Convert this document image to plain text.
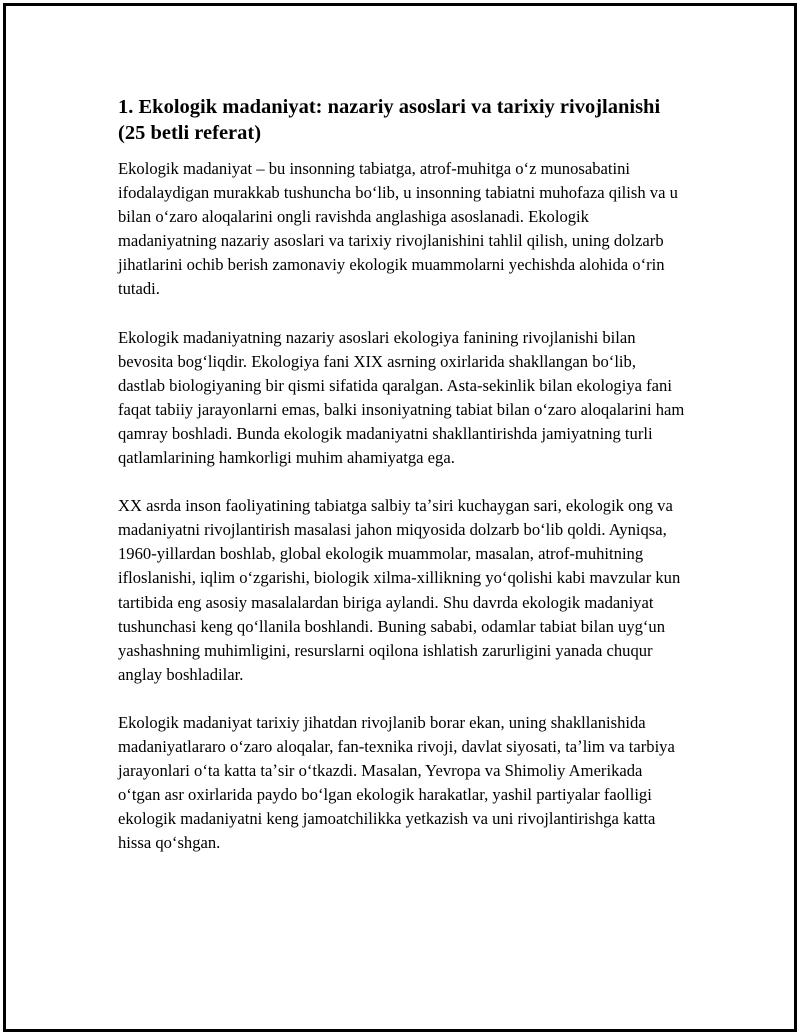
1. Ekologik madaniyat: nazariy asoslari va tarixiy rivojlanishi (25 betli referat)

Ekologik madaniyat – bu insonning tabiatga, atrof-muhitga oʻz munosabatini ifodalaydigan murakkab tushuncha boʻlib, u insonning tabiatni muhofaza qilish va u bilan oʻzaro aloqalarini ongli ravishda anglashiga asoslanadi. Ekologik madaniyatning nazariy asoslari va tarixiy rivojlanishini tahlil qilish, uning dolzarb jihatlarini ochib berish zamonaviy ekologik muammolarni yechishda alohida oʻrin tutadi.

Ekologik madaniyatning nazariy asoslari ekologiya fanining rivojlanishi bilan bevosita bogʻliqdir. Ekologiya fani XIX asrning oxirlarida shakllangan boʻlib, dastlab biologiyaning bir qismi sifatida qaralgan. Asta-sekinlik bilan ekologiya fani faqat tabiiy jarayonlarni emas, balki insoniyatning tabiat bilan oʻzaro aloqalarini ham qamray boshladi. Bunda ekologik madaniyatni shakllantirishda jamiyatning turli qatlamlarining hamkorligi muhim ahamiyatga ega.

XX asrda inson faoliyatining tabiatga salbiy taʼsiri kuchaygan sari, ekologik ong va madaniyatni rivojlantirish masalasi jahon miqyosida dolzarb boʻlib qoldi. Ayniqsa, 1960-yillardan boshlab, global ekologik muammolar, masalan, atrof-muhitning ifloslanishi, iqlim oʻzgarishi, biologik xilma-xillikning yoʻqolishi kabi mavzular kun tartibida eng asosiy masalalardan biriga aylandi. Shu davrda ekologik madaniyat tushunchasi keng qoʻllanila boshlandi. Buning sababi, odamlar tabiat bilan uygʻun yashashning muhimligini, resurslarni oqilona ishlatish zarurligini yanada chuqur anglay boshladilar.

Ekologik madaniyat tarixiy jihatdan rivojlanib borar ekan, uning shakllanishida madaniyatlararo oʻzaro aloqalar, fan-texnika rivoji, davlat siyosati, taʼlim va tarbiya jarayonlari oʻta katta taʼsir oʻtkazdi. Masalan, Yevropa va Shimoliy Amerikada oʻtgan asr oxirlarida paydo boʻlgan ekologik harakatlar, yashil partiyalar faolligi ekologik madaniyatni keng jamoatchilikka yetkazish va uni rivojlantirishga katta hissa qoʻshgan.
